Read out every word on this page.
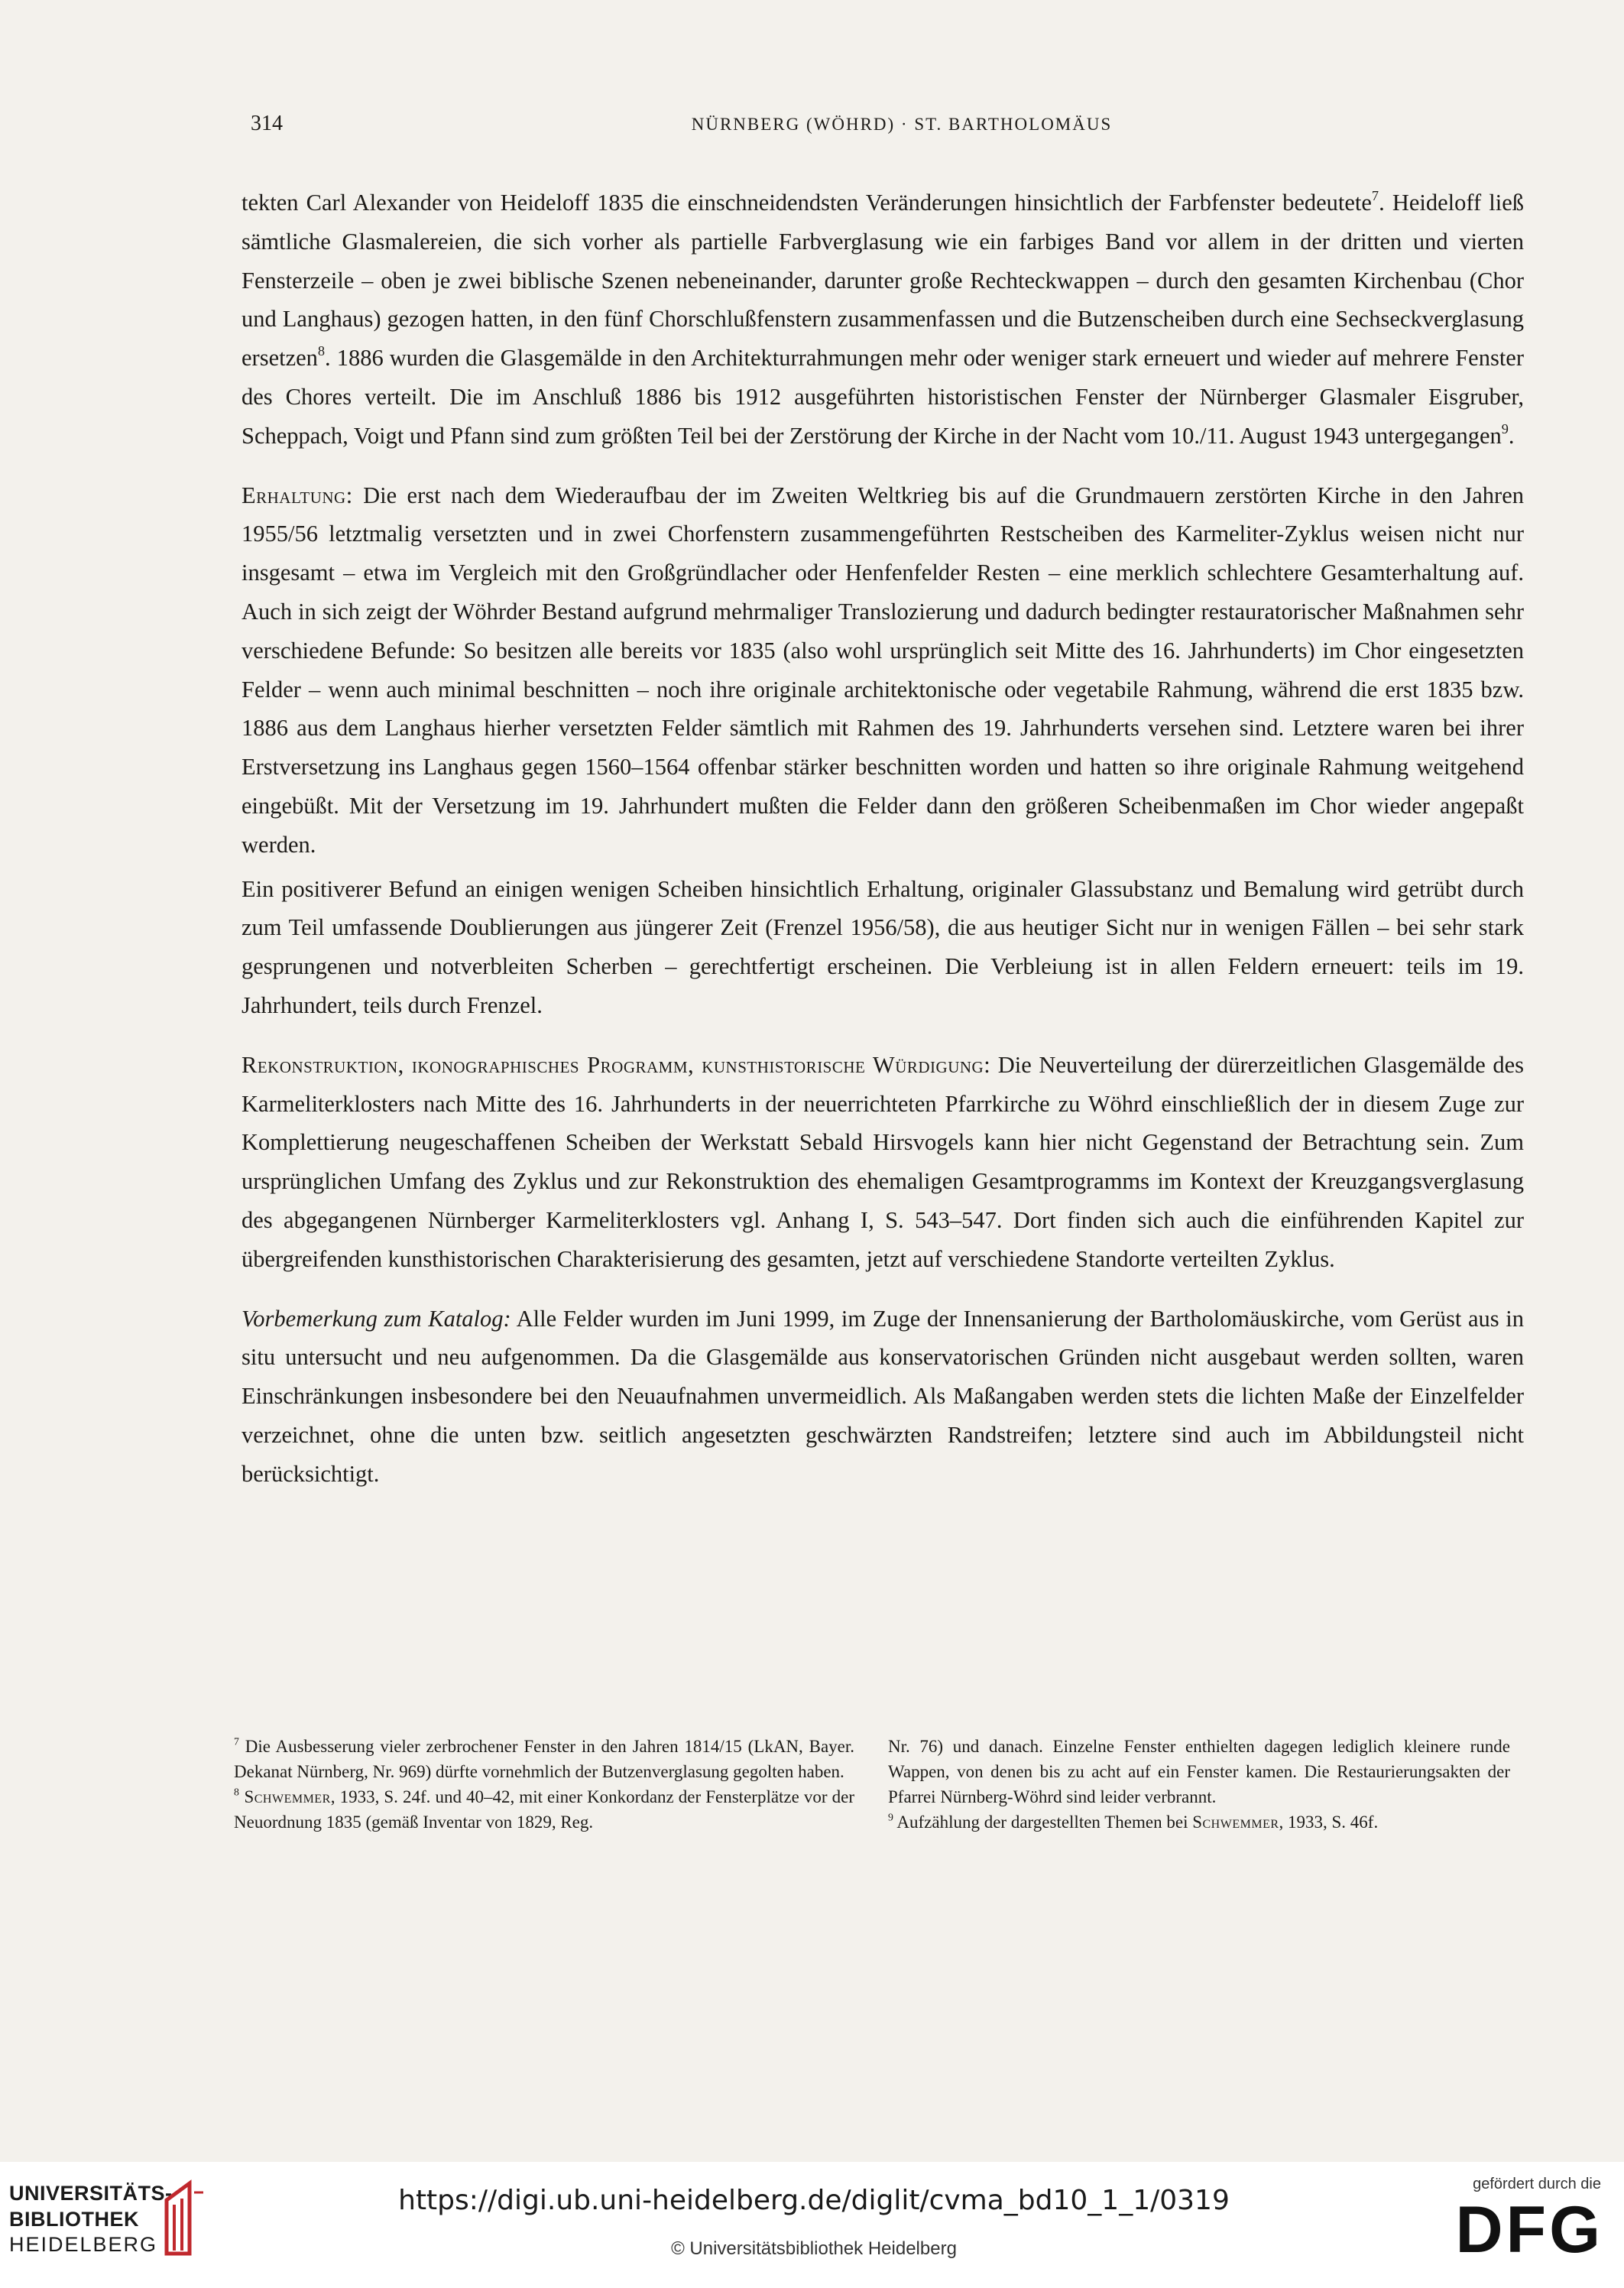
314	NÜRNBERG (WÖHRD) · ST. BARTHOLOMÄUS

tekten Carl Alexander von Heideloff 1835 die einschneidendsten Veränderungen hinsichtlich der Farbfenster bedeutete$^7$. Heideloff ließ sämtliche Glasmalereien, die sich vorher als partielle Farbverglasung wie ein farbiges Band vor allem in der dritten und vierten Fensterzeile – oben je zwei biblische Szenen nebeneinander, darunter große Rechteckwappen – durch den gesamten Kirchenbau (Chor und Langhaus) gezogen hatten, in den fünf Chorschlußfenstern zusammenfassen und die Butzenscheiben durch eine Sechseckverglasung ersetzen$^8$. 1886 wurden die Glasgemälde in den Architekturrahmungen mehr oder weniger stark erneuert und wieder auf mehrere Fenster des Chores verteilt. Die im Anschluß 1886 bis 1912 ausgeführten historistischen Fenster der Nürnberger Glasmaler Eisgruber, Scheppach, Voigt und Pfann sind zum größten Teil bei der Zerstörung der Kirche in der Nacht vom 10./11. August 1943 untergegangen$^9$.

Erhaltung: Die erst nach dem Wiederaufbau der im Zweiten Weltkrieg bis auf die Grundmauern zerstörten Kirche in den Jahren 1955/56 letztmalig versetzten und in zwei Chorfenstern zusammengeführten Restscheiben des Karmeliter-Zyklus weisen nicht nur insgesamt – etwa im Vergleich mit den Großgründlacher oder Henfenfelder Resten – eine merklich schlechtere Gesamterhaltung auf. Auch in sich zeigt der Wöhrder Bestand aufgrund mehrmaliger Translozierung und dadurch bedingter restauratorischer Maßnahmen sehr verschiedene Befunde: So besitzen alle bereits vor 1835 (also wohl ursprünglich seit Mitte des 16. Jahrhunderts) im Chor eingesetzten Felder – wenn auch minimal beschnitten – noch ihre originale architektonische oder vegetabile Rahmung, während die erst 1835 bzw. 1886 aus dem Langhaus hierher versetzten Felder sämtlich mit Rahmen des 19. Jahrhunderts versehen sind. Letztere waren bei ihrer Erstversetzung ins Langhaus gegen 1560–1564 offenbar stärker beschnitten worden und hatten so ihre originale Rahmung weitgehend eingebüßt. Mit der Versetzung im 19. Jahrhundert mußten die Felder dann den größeren Scheibenmaßen im Chor wieder angepaßt werden.

Ein positiverer Befund an einigen wenigen Scheiben hinsichtlich Erhaltung, originaler Glassubstanz und Bemalung wird getrübt durch zum Teil umfassende Doublierungen aus jüngerer Zeit (Frenzel 1956/58), die aus heutiger Sicht nur in wenigen Fällen – bei sehr stark gesprungenen und notverbleiten Scherben – gerechtfertigt erscheinen. Die Verbleiung ist in allen Feldern erneuert: teils im 19. Jahrhundert, teils durch Frenzel.

Rekonstruktion, ikonographisches Programm, kunsthistorische Würdigung: Die Neuverteilung der dürerzeitlichen Glasgemälde des Karmeliterklosters nach Mitte des 16. Jahrhunderts in der neuerrichteten Pfarrkirche zu Wöhrd einschließlich der in diesem Zuge zur Komplettierung neugeschaffenen Scheiben der Werkstatt Sebald Hirsvogels kann hier nicht Gegenstand der Betrachtung sein. Zum ursprünglichen Umfang des Zyklus und zur Rekonstruktion des ehemaligen Gesamtprogramms im Kontext der Kreuzgangsverglasung des abgegangenen Nürnberger Karmeliterklosters vgl. Anhang I, S. 543–547. Dort finden sich auch die einführenden Kapitel zur übergreifenden kunsthistorischen Charakterisierung des gesamten, jetzt auf verschiedene Standorte verteilten Zyklus.

Vorbemerkung zum Katalog: Alle Felder wurden im Juni 1999, im Zuge der Innensanierung der Bartholomäuskirche, vom Gerüst aus in situ untersucht und neu aufgenommen. Da die Glasgemälde aus konservatorischen Gründen nicht ausgebaut werden sollten, waren Einschränkungen insbesondere bei den Neuaufnahmen unvermeidlich. Als Maßangaben werden stets die lichten Maße der Einzelfelder verzeichnet, ohne die unten bzw. seitlich angesetzten geschwärzten Randstreifen; letztere sind auch im Abbildungsteil nicht berücksichtigt.

$^7$ Die Ausbesserung vieler zerbrochener Fenster in den Jahren 1814/15 (LkAN, Bayer. Dekanat Nürnberg, Nr. 969) dürfte vornehmlich der Butzenverglasung gegolten haben.

$^8$ Schwemmer, 1933, S. 24f. und 40–42, mit einer Konkordanz der Fensterplätze vor der Neuordnung 1835 (gemäß Inventar von 1829, Reg.

Nr. 76) und danach. Einzelne Fenster enthielten dagegen lediglich kleinere runde Wappen, von denen bis zu acht auf ein Fenster kamen. Die Restaurierungsakten der Pfarrei Nürnberg-Wöhrd sind leider verbrannt.

$^9$ Aufzählung der dargestellten Themen bei Schwemmer, 1933, S. 46f.

UNIVERSITÄTS-
BIBLIOTHEK
HEIDELBERG
https://digi.ub.uni-heidelberg.de/diglit/cvma_bd10_1_1/0319
© Universitätsbibliothek Heidelberg
gefördert durch die
DFG
